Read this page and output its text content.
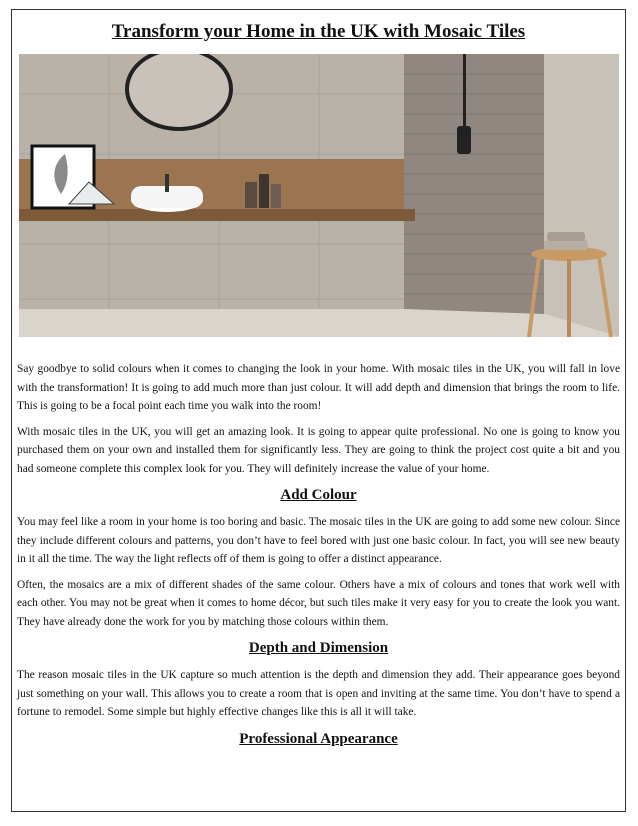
Transform your Home in the UK with Mosaic Tiles

Say goodbye to solid colours when it comes to changing the look in your home. With mosaic tiles in the UK, you will fall in love with the transformation! It is going to add much more than just colour. It will add depth and dimension that brings the room to life. This is going to be a focal point each time you walk into the room!

With mosaic tiles in the UK, you will get an amazing look. It is going to appear quite professional. No one is going to know you purchased them on your own and installed them for significantly less. They are going to think the project cost quite a bit and you had someone complete this complex look for you. They will definitely increase the value of your home.

Add Colour

You may feel like a room in your home is too boring and basic. The mosaic tiles in the UK are going to add some new colour. Since they include different colours and patterns, you don’t have to feel bored with just one basic colour. In fact, you will see new beauty in it all the time. The way the light reflects off of them is going to offer a distinct appearance.

Often, the mosaics are a mix of different shades of the same colour. Others have a mix of colours and tones that work well with each other. You may not be great when it comes to home décor, but such tiles make it very easy for you to create the look you want. They have already done the work for you by matching those colours within them.

Depth and Dimension

The reason mosaic tiles in the UK capture so much attention is the depth and dimension they add. Their appearance goes beyond just something on your wall. This allows you to create a room that is open and inviting at the same time. You don’t have to spend a fortune to remodel. Some simple but highly effective changes like this is all it will take.

Professional Appearance
